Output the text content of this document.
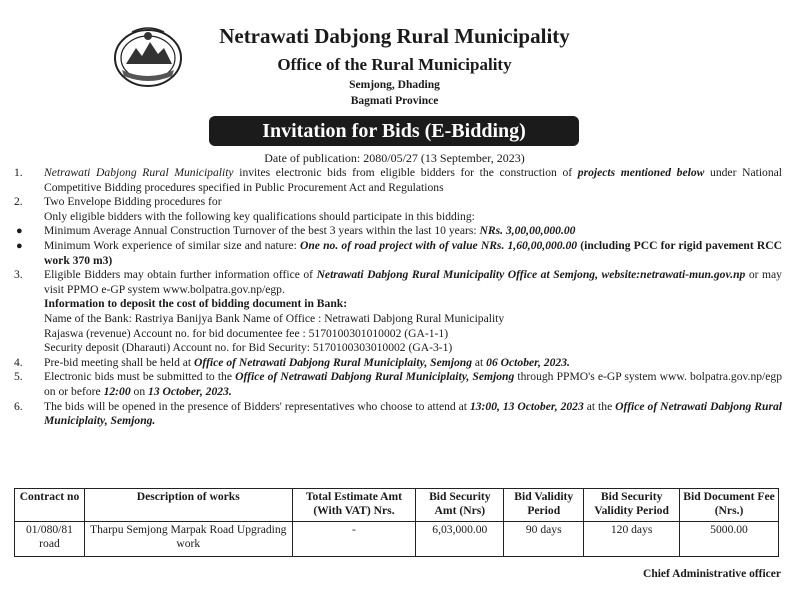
Netrawati Dabjong Rural Municipality
Office of the Rural Municipality
Semjong, Dhading
Bagmati Province
Invitation for Bids (E-Bidding)
Date of publication: 2080/05/27 (13 September, 2023)

1. Netrawati Dabjong Rural Municipality invites electronic bids from eligible bidders for the construction of projects mentioned below under National Competitive Bidding procedures specified in Public Procurement Act and Regulations

2. Two Envelope Bidding procedures for

Only eligible bidders with the following key qualifications should participate in this bidding:

● Minimum Average Annual Construction Turnover of the best 3 years within the last 10 years: NRs. 3,00,00,000.00

● Minimum Work experience of similar size and nature: One no. of road project with of value NRs. 1,60,00,000.00 (including PCC for rigid pavement RCC work 370 m3)

3. Eligible Bidders may obtain further information office of Netrawati Dabjong Rural Municipality Office at Semjong, website:netrawati-mun.gov.np or may visit PPMO e-GP system www.bolpatra.gov.np/egp.

Information to deposit the cost of bidding document in Bank:

Name of the Bank: Rastriya Banijya Bank Name of Office : Netrawati Dabjong Rural Municipality

Rajaswa (revenue) Account no. for bid documentee fee : 5170100301010002 (GA-1-1)

Security deposit (Dharauti) Account no. for Bid Security: 5170100303010002 (GA-3-1)

4. Pre-bid meeting shall be held at Office of Netrawati Dabjong Rural Municiplaity, Semjong at 06 October, 2023.

5. Electronic bids must be submitted to the Office of Netrawati Dabjong Rural Municiplaity, Semjong through PPMO's e-GP system www. bolpatra.gov.np/egp on or before 12:00 on 13 October, 2023.

6. The bids will be opened in the presence of Bidders' representatives who choose to attend at 13:00, 13 October, 2023 at the Office of Netrawati Dabjong Rural Municiplaity, Semjong.

Contract no	Description of works	Total Estimate Amt (With VAT) Nrs.	Bid Security Amt (Nrs)	Bid Validity Period	Bid Security Validity Period	Bid Document Fee (Nrs.)
01/080/81 road	Tharpu Semjong Marpak Road Upgrading work	-	6,03,000.00	90 days	120 days	5000.00
Chief Administrative officer
